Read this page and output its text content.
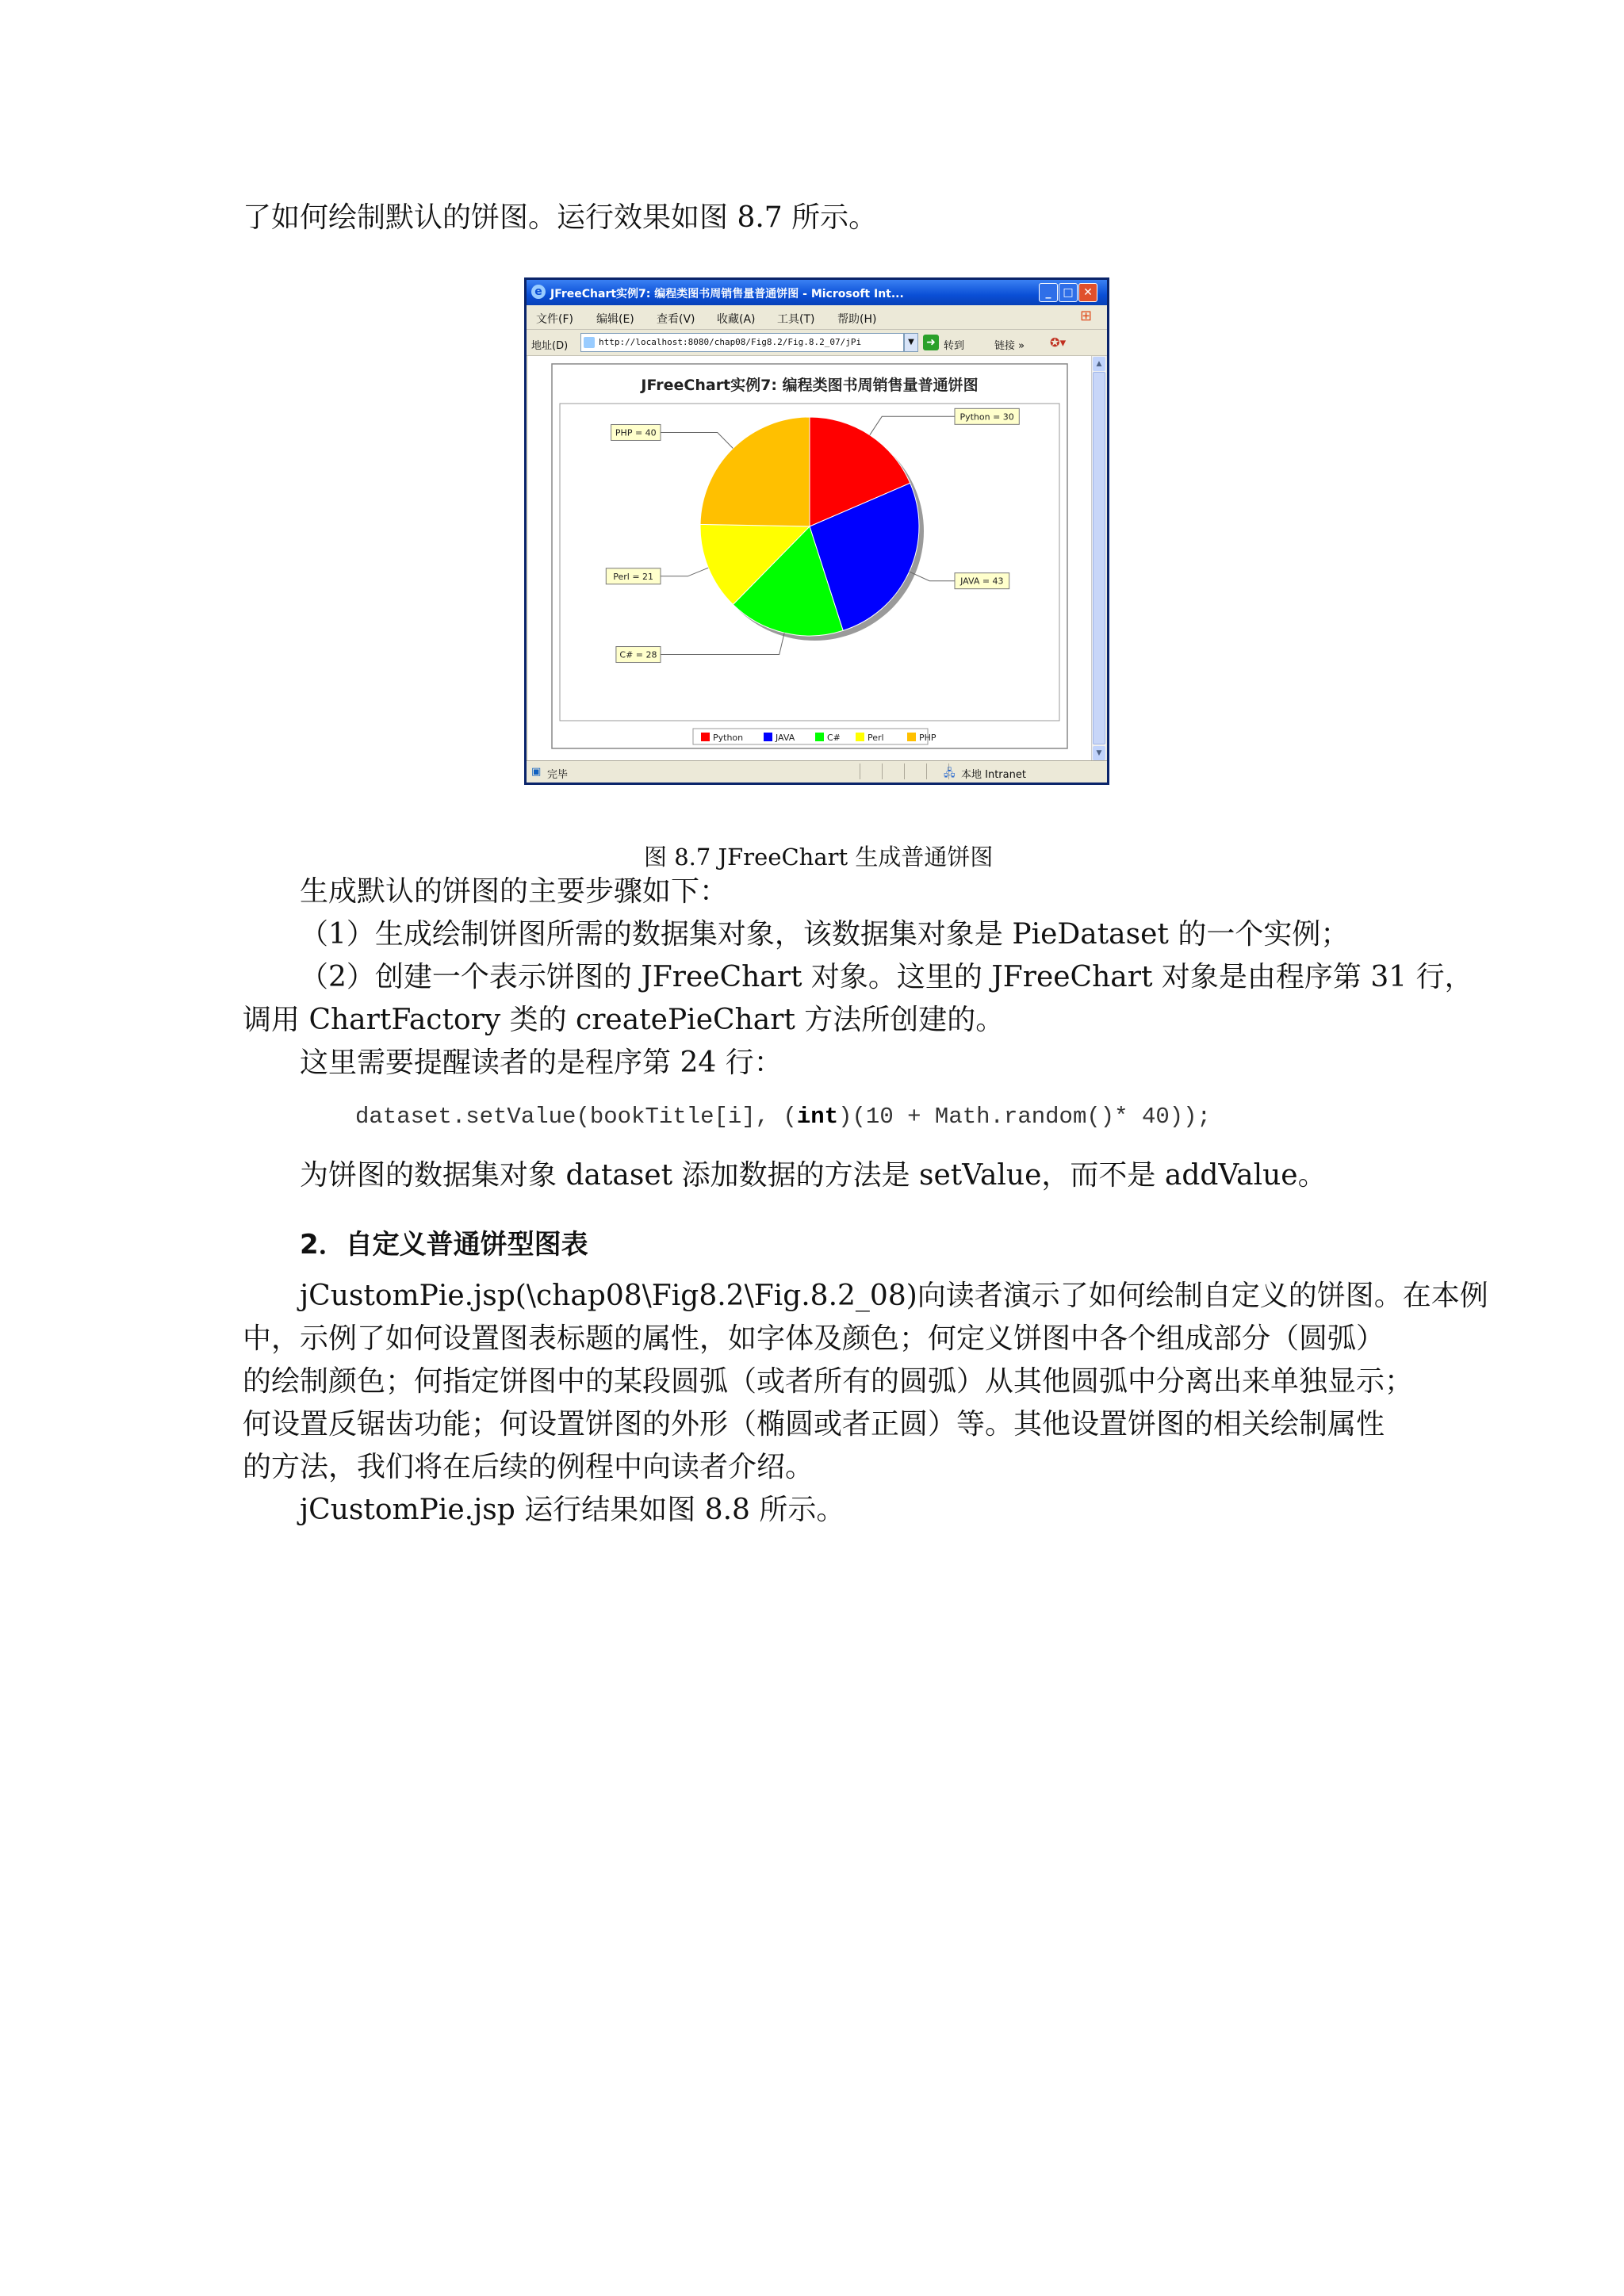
了如何绘制默认的饼图。运行效果如图 8.7 所示。

e JFreeChart实例7: 编程类图书周销售量普通饼图 - Microsoft Int...	_	□ ✕
文件(F) 编辑(E) 查看(V) 收藏(A) 工具(T) 帮助(H)	⊞
地址(D)	http://localhost:8080/chap08/Fig8.2/Fig.8.2_07/jPi	▼	➜ 转到	链接 » ✪▾
JFreeChart实例7: 编程类图书周销售量普通饼图
Python = 30
JAVA = 43
C# = 28
Perl = 21
PHP = 40
Python	JAVA	C#	Perl	PHP
▲
▼
▣ 完毕	🖧 本地 Intranet

图 8.7 JFreeChart 生成普通饼图

生成默认的饼图的主要步骤如下：

（1）生成绘制饼图所需的数据集对象，该数据集对象是 PieDataset 的一个实例；

（2）创建一个表示饼图的 JFreeChart 对象。这里的 JFreeChart 对象是由程序第 31 行，

调用 ChartFactory 类的 createPieChart 方法所创建的。

这里需要提醒读者的是程序第 24 行：

dataset.setValue(bookTitle[i], (int)(10 + Math.random()* 40));

为饼图的数据集对象 dataset 添加数据的方法是 setValue，而不是 addValue。

2．自定义普通饼型图表

jCustomPie.jsp(\chap08\Fig8.2\Fig.8.2_08)向读者演示了如何绘制自定义的饼图。在本例

中，示例了如何设置图表标题的属性，如字体及颜色；何定义饼图中各个组成部分（圆弧）

的绘制颜色；何指定饼图中的某段圆弧（或者所有的圆弧）从其他圆弧中分离出来单独显示；

何设置反锯齿功能；何设置饼图的外形（椭圆或者正圆）等。其他设置饼图的相关绘制属性

的方法，我们将在后续的例程中向读者介绍。

jCustomPie.jsp 运行结果如图 8.8 所示。
